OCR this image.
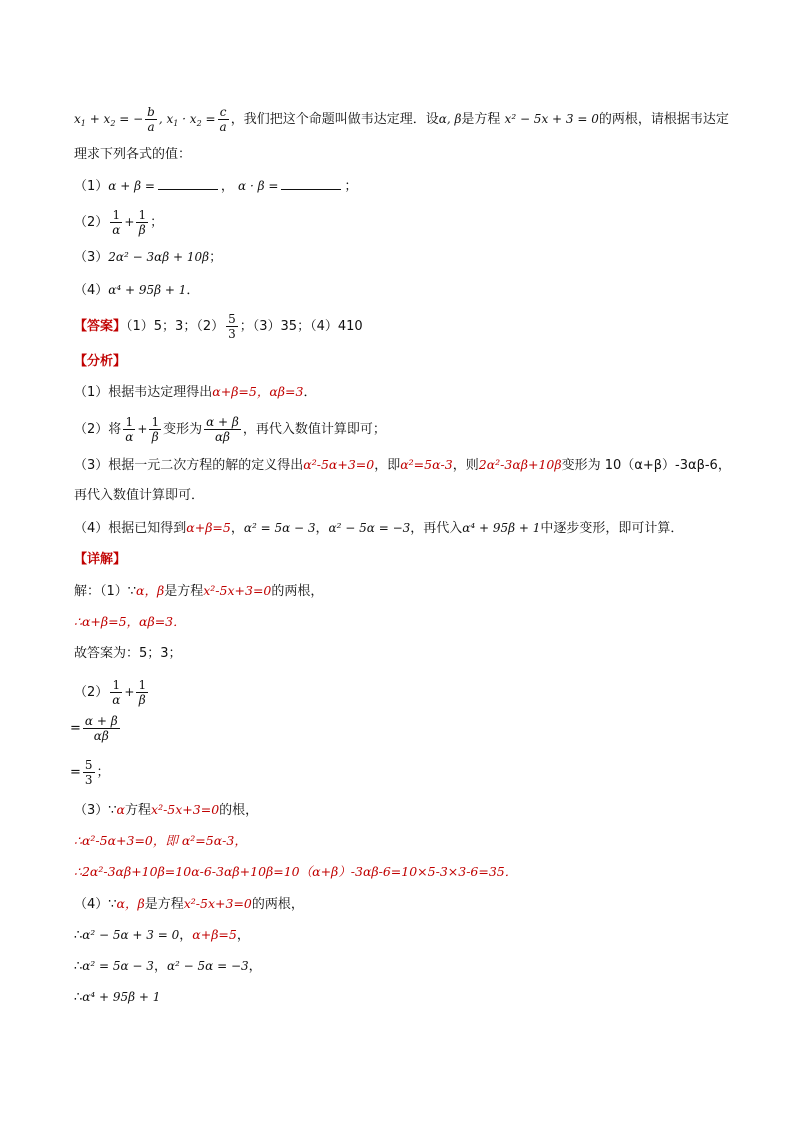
$x_1 + x_2$ = − $\frac{b}{a}$ , $x_1 \cdot x_2 = \frac{c}{a}$ ，我们把这个命题叫做韦达定理．设α, β是方程 x² − 5x + 3 = 0的两根，请根据韦达定
理求下列各式的值：
（1）α + β =	， α · β =	；
$(2) \frac{1}{\alpha} + \frac{1}{\beta}$ ；
（3）2α² − 3αβ + 10β；
（4）α⁴ + 95β + 1．
【答案】（1）5；3；$(2) \frac{5}{3}$ ；（3）35；（4）410
【分析】
（1）根据韦达定理得出α+β=5，αβ=3．
（2）将 $\frac{1}{\alpha} + \frac{1}{\beta}$ 变形为 $\frac{\alpha + \beta}{\alpha\beta}$ ，再代入数值计算即可；
（3）根据一元二次方程的解的定义得出α²-5α+3=0，即α²=5α-3，则2α²-3αβ+10β变形为 10（α+β）-3αβ-6，
再代入数值计算即可．
（4）根据已知得到α+β=5，α² = 5α − 3，α² − 5α = −3，再代入α⁴ + 95β + 1中逐步变形，即可计算．
【详解】
解：（1）∵α，β是方程x²-5x+3=0的两根，
∴α+β=5，αβ=3．
故答案为：5；3；
$(2) \frac{1}{\alpha} + \frac{1}{\beta}$
= $\frac{\alpha + \beta}{\alpha\beta}$
= $\frac{5}{3}$ ；
（3）∵α方程x²-5x+3=0的根，
∴α²-5α+3=0，即 α²=5α-3，
∴2α²-3αβ+10β=10α-6-3αβ+10β=10（α+β）-3αβ-6=10×5-3×3-6=35．
（4）∵α，β是方程x²-5x+3=0的两根，
∴α² − 5α + 3 = 0，α+β=5，
∴α² = 5α − 3，α² − 5α = −3，
∴α⁴ + 95β + 1
